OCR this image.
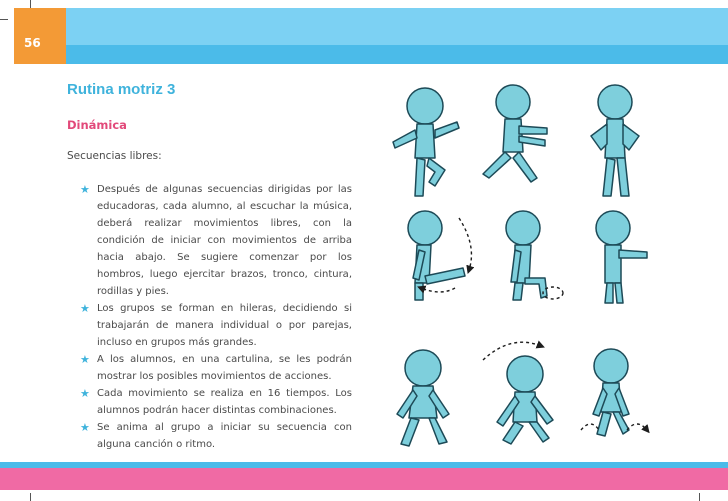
56
Rutina motriz 3
Dinámica
Secuencias libres:
★ Después de algunas secuencias dirigidas por las educadoras, cada alumno, al escuchar la música, deberá realizar movimientos libres, con la condición de iniciar con movimientos de arriba hacia abajo. Se sugiere comenzar por los hombros, luego ejercitar brazos, tronco, cintura, rodillas y pies.
★ Los grupos se forman en hileras, decidiendo si trabajarán de manera individual o por parejas, incluso en grupos más grandes.
★ A los alumnos, en una cartulina, se les podrán mostrar los posibles movimientos de acciones.
★ Cada movimiento se realiza en 16 tiempos. Los alumnos podrán hacer distintas combinaciones.
★ Se anima al grupo a iniciar su secuencia con alguna canción o ritmo.
